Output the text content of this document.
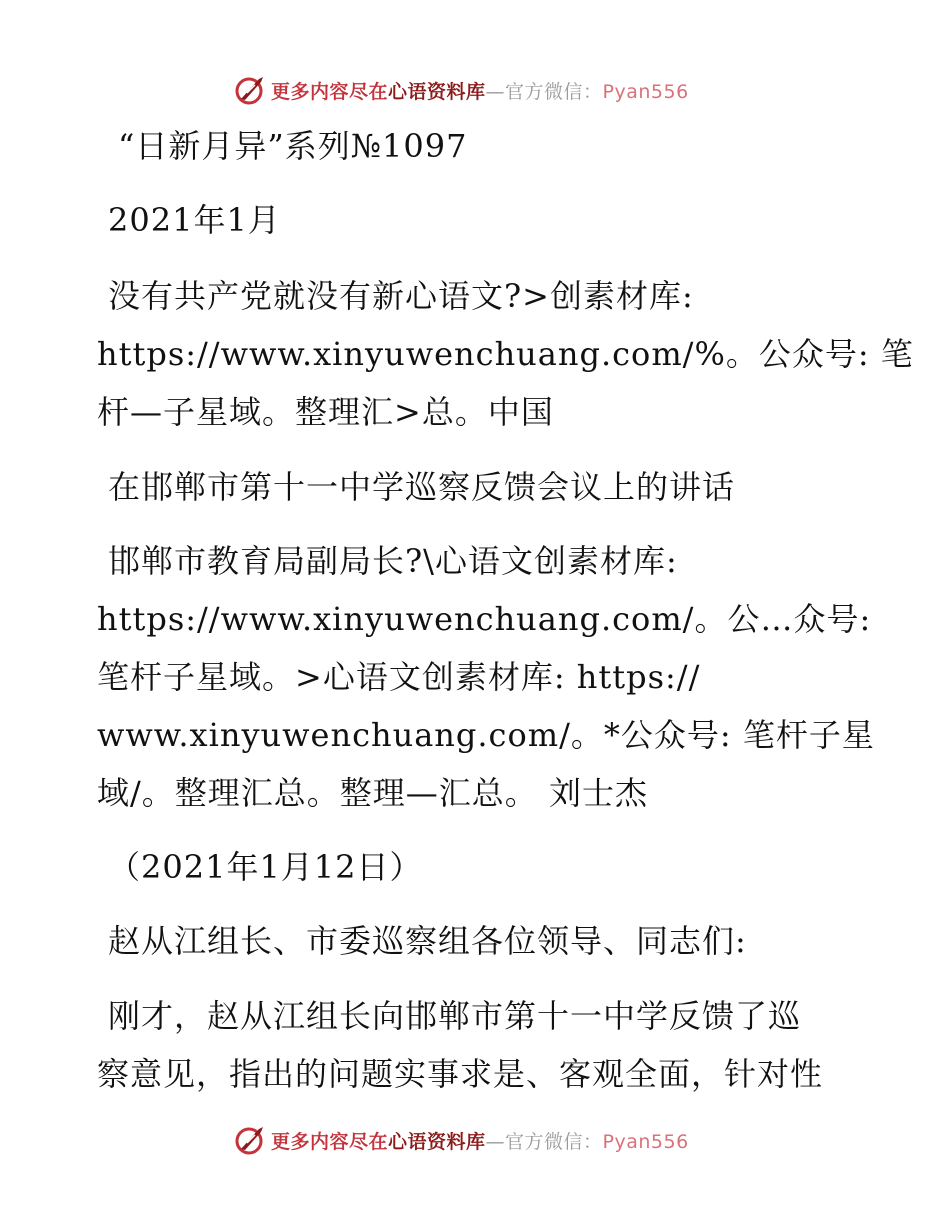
更多内容尽在心语资料库—官方微信：Pyan556
“日新月异”系列№1097
2021年1月
没有共产党就没有新心语文?>创素材库:
https://www.xinyuwenchuang.com/%。公众号: 笔
杆—子星域。整理汇>总。中国
在邯郸市第十一中学巡察反馈会议上的讲话
邯郸市教育局副局长?\心语文创素材库:
https://www.xinyuwenchuang.com/。公…众号:
笔杆子星域。>心语文创素材库: https://
www.xinyuwenchuang.com/。*公众号: 笔杆子星
域/。整理汇总。整理—汇总。 刘士杰
（2021年1月12日）
赵从江组长、市委巡察组各位领导、同志们:
刚才，赵从江组长向邯郸市第十一中学反馈了巡
察意见，指出的问题实事求是、客观全面，针对性
更多内容尽在心语资料库—官方微信：Pyan556
